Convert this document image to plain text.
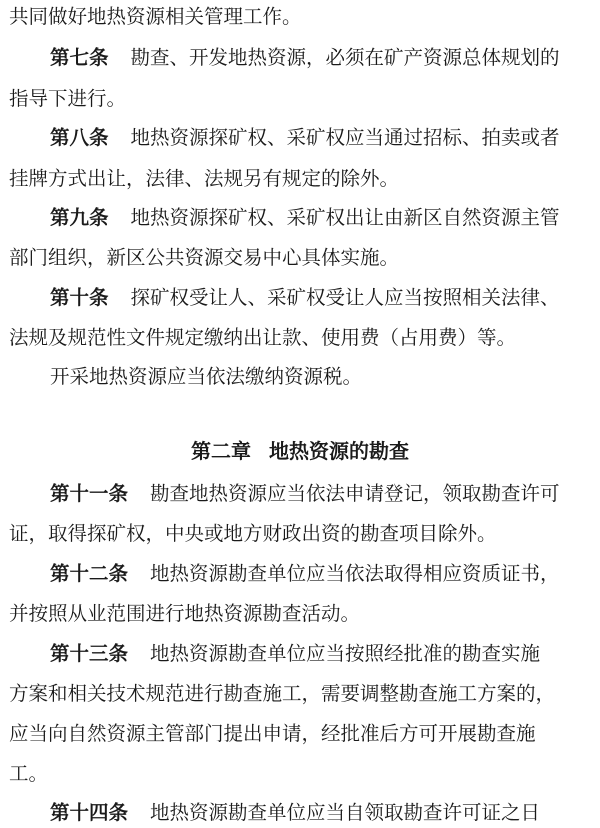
共同做好地热资源相关管理工作。
第七条 勘查、开发地热资源，必须在矿产资源总体规划的
指导下进行。
第八条 地热资源探矿权、采矿权应当通过招标、拍卖或者
挂牌方式出让，法律、法规另有规定的除外。
第九条 地热资源探矿权、采矿权出让由新区自然资源主管
部门组织，新区公共资源交易中心具体实施。
第十条 探矿权受让人、采矿权受让人应当按照相关法律、
法规及规范性文件规定缴纳出让款、使用费（占用费）等。
开采地热资源应当依法缴纳资源税。
第二章 地热资源的勘查
第十一条 勘查地热资源应当依法申请登记，领取勘查许可
证，取得探矿权，中央或地方财政出资的勘查项目除外。
第十二条 地热资源勘查单位应当依法取得相应资质证书，
并按照从业范围进行地热资源勘查活动。
第十三条 地热资源勘查单位应当按照经批准的勘查实施
方案和相关技术规范进行勘查施工，需要调整勘查施工方案的，
应当向自然资源主管部门提出申请，经批准后方可开展勘查施
工。
第十四条 地热资源勘查单位应当自领取勘查许可证之日
